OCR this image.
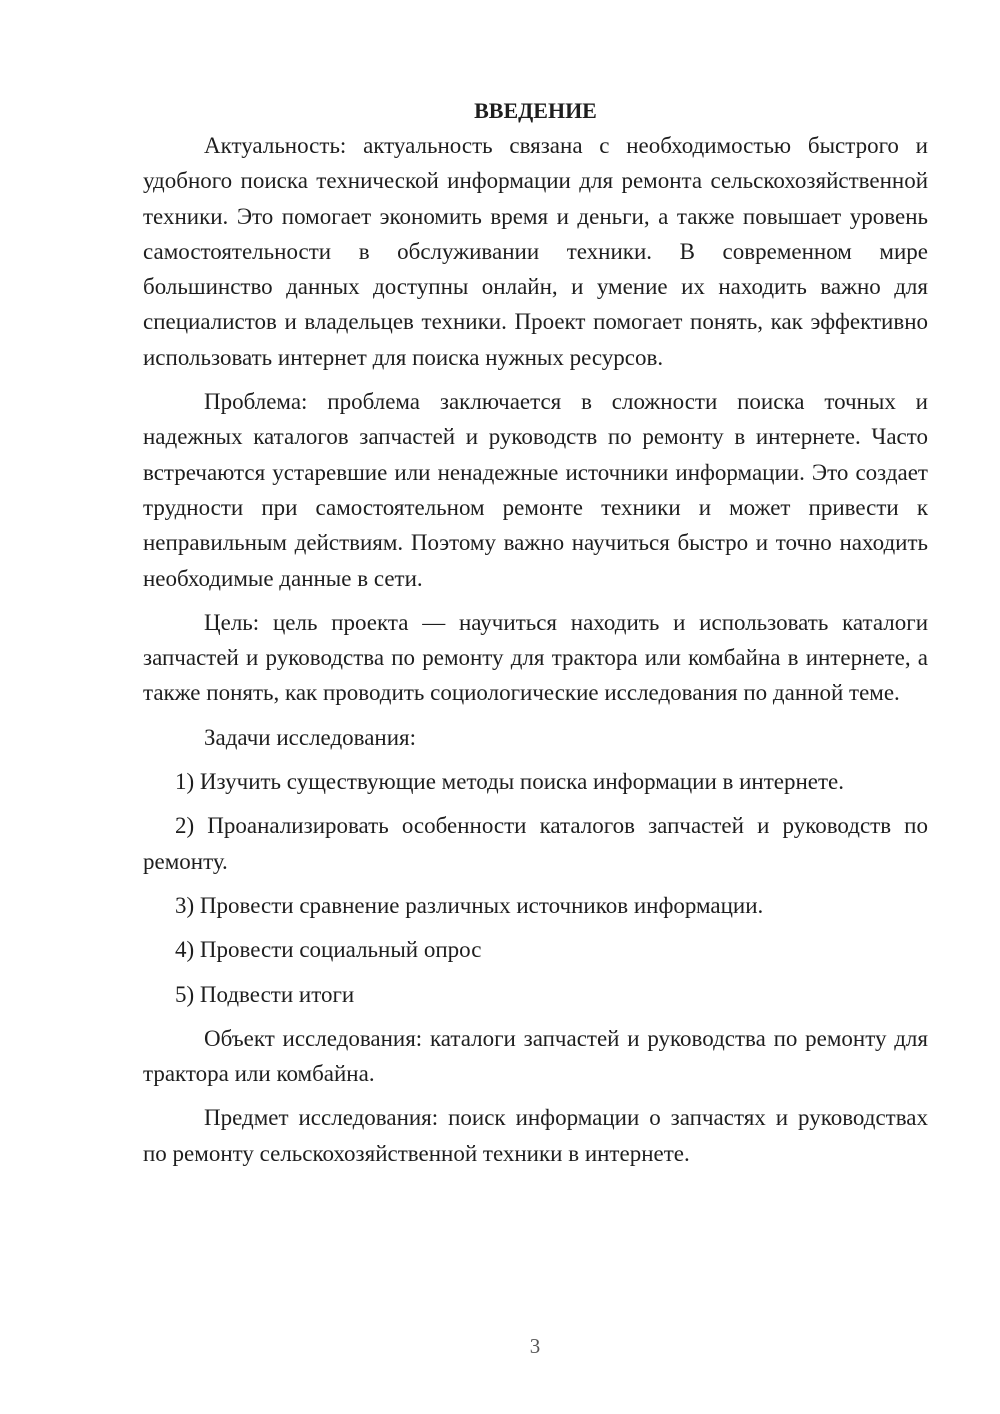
ВВЕДЕНИЕ

Актуальность: актуальность связана с необходимостью быстрого и удобного поиска технической информации для ремонта сельскохозяйственной техники. Это помогает экономить время и деньги, а также повышает уровень самостоятельности в обслуживании техники. В современном мире большинство данных доступны онлайн, и умение их находить важно для специалистов и владельцев техники. Проект помогает понять, как эффективно использовать интернет для поиска нужных ресурсов.

Проблема: проблема заключается в сложности поиска точных и надежных каталогов запчастей и руководств по ремонту в интернете. Часто встречаются устаревшие или ненадежные источники информации. Это создает трудности при самостоятельном ремонте техники и может привести к неправильным действиям. Поэтому важно научиться быстро и точно находить необходимые данные в сети.

Цель: цель проекта — научиться находить и использовать каталоги запчастей и руководства по ремонту для трактора или комбайна в интернете, а также понять, как проводить социологические исследования по данной теме.

Задачи исследования:

1) Изучить существующие методы поиска информации в интернете.

2) Проанализировать особенности каталогов запчастей и руководств по ремонту.

3) Провести сравнение различных источников информации.

4) Провести социальный опрос

5) Подвести итоги

Объект исследования: каталоги запчастей и руководства по ремонту для трактора или комбайна.

Предмет исследования: поиск информации о запчастях и руководствах по ремонту сельскохозяйственной техники в интернете.

3
